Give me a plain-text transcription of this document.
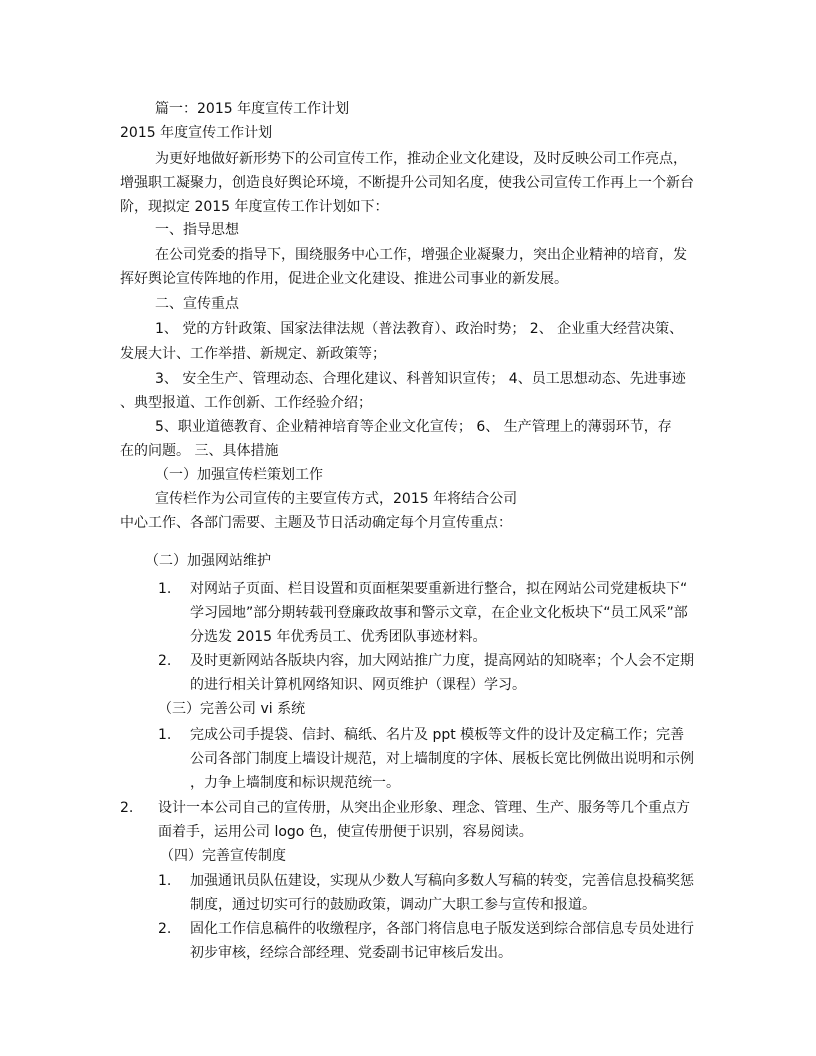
篇一：2015 年度宣传工作计划
2015 年度宣传工作计划
为更好地做好新形势下的公司宣传工作，推动企业文化建设，及时反映公司工作亮点，
增强职工凝聚力，创造良好舆论环境，不断提升公司知名度，使我公司宣传工作再上一个新台
阶，现拟定 2015 年度宣传工作计划如下：
一、指导思想
在公司党委的指导下，围绕服务中心工作，增强企业凝聚力，突出企业精神的培育，发
挥好舆论宣传阵地的作用，促进企业文化建设、推进公司事业的新发展。
二、宣传重点
1、 党的方针政策、国家法律法规（普法教育）、政治时势； 2、 企业重大经营决策、
发展大计、工作举措、新规定、新政策等；
3、 安全生产、管理动态、合理化建议、科普知识宣传； 4、员工思想动态、先进事迹
、典型报道、工作创新、工作经验介绍；
5、职业道德教育、企业精神培育等企业文化宣传； 6、 生产管理上的薄弱环节，存
在的问题。 三、具体措施
（一）加强宣传栏策划工作
宣传栏作为公司宣传的主要宣传方式，2015 年将结合公司
中心工作、各部门需要、主题及节日活动确定每个月宣传重点：
（二）加强网站维护
1. 对网站子页面、栏目设置和页面框架要重新进行整合，拟在网站公司党建板块下“
学习园地”部分期转载刊登廉政故事和警示文章，在企业文化板块下“员工风采”部
分选发 2015 年优秀员工、优秀团队事迹材料。
2. 及时更新网站各版块内容，加大网站推广力度，提高网站的知晓率；个人会不定期
的进行相关计算机网络知识、网页维护（课程）学习。
（三）完善公司 vi 系统
1. 完成公司手提袋、信封、稿纸、名片及 ppt 模板等文件的设计及定稿工作；完善
公司各部门制度上墙设计规范，对上墙制度的字体、展板长宽比例做出说明和示例
，力争上墙制度和标识规范统一。
2. 设计一本公司自己的宣传册，从突出企业形象、理念、管理、生产、服务等几个重点方
面着手，运用公司 logo 色，使宣传册便于识别，容易阅读。
（四）完善宣传制度
1. 加强通讯员队伍建设，实现从少数人写稿向多数人写稿的转变，完善信息投稿奖惩
制度，通过切实可行的鼓励政策，调动广大职工参与宣传和报道。
2. 固化工作信息稿件的收缴程序，各部门将信息电子版发送到综合部信息专员处进行
初步审核，经综合部经理、党委副书记审核后发出。
